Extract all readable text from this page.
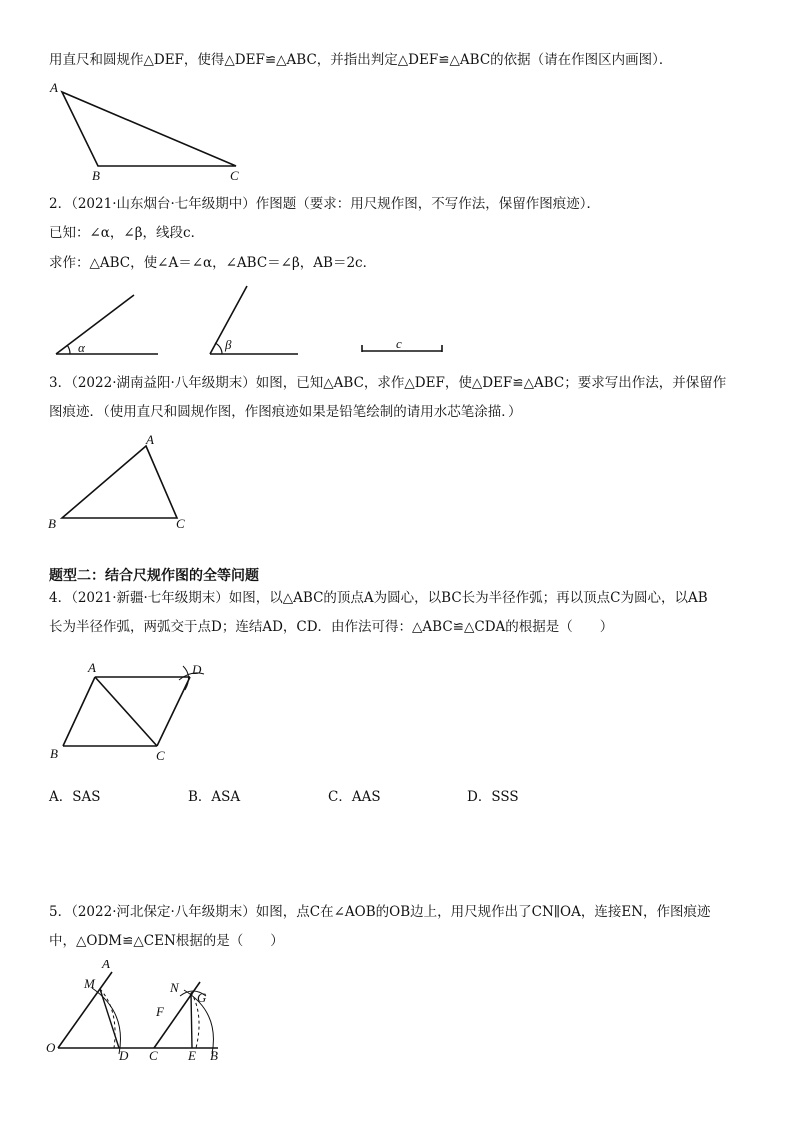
用直尺和圆规作△DEF，使得△DEF≌△ABC，并指出判定△DEF≌△ABC的依据（请在作图区内画图）．
A
B	C
2．（2021·山东烟台·七年级期中）作图题（要求：用尺规作图，不写作法，保留作图痕迹）．
已知：∠α，∠β，线段c．
求作：△ABC，使∠A＝∠α，∠ABC＝∠β，AB＝2c．
α	β	c
3．（2022·湖南益阳·八年级期末）如图，已知△ABC，求作△DEF，使△DEF≌△ABC；要求写出作法，并保留作
图痕迹．（使用直尺和圆规作图，作图痕迹如果是铅笔绘制的请用水芯笔涂描．）
A
B	C
题型二：结合尺规作图的全等问题
4．（2021·新疆·七年级期末）如图，以△ABC的顶点A为圆心，以BC长为半径作弧；再以顶点C为圆心，以AB
长为半径作弧，两弧交于点D；连结AD，CD．由作法可得：△ABC≌△CDA的根据是（　　）
A	D
B	C
A．SAS	B．ASA	C．AAS	D．SSS
5．（2022·河北保定·八年级期末）如图，点C在∠AOB的OB边上，用尺规作出了CN∥OA，连接EN，作图痕迹
中，△ODM≌△CEN根据的是（　　）
A
M	N
G
F
O
D C E B
